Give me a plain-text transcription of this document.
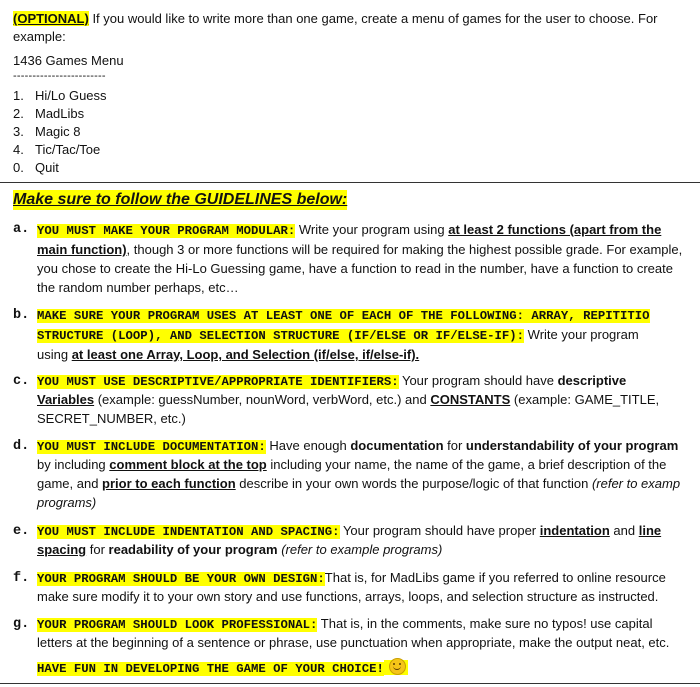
(OPTIONAL) If you would like to write more than one game, create a menu of games for the user to choose. For
example:
1436 Games Menu
------------------------
1. Hi/Lo Guess
2. MadLibs
3. Magic 8
4. Tic/Tac/Toe
0. Quit
Make sure to follow the GUIDELINES below:
a. YOU MUST MAKE YOUR PROGRAM MODULAR: Write your program using at least 2 functions (apart from the
main function), though 3 or more functions will be required for making the highest possible grade. For example,
you chose to create the Hi-Lo Guessing game, have a function to read in the number, have a function to create
the random number perhaps, etc…
b. MAKE SURE YOUR PROGRAM USES AT LEAST ONE OF EACH OF THE FOLLOWING: ARRAY, REPITITIO
STRUCTURE (LOOP), AND SELECTION STRUCTURE (IF/ELSE OR IF/ELSE-IF): Write your program
using at least one Array, Loop, and Selection (if/else, if/else-if).
c. YOU MUST USE DESCRIPTIVE/APPROPRIATE IDENTIFIERS: Your program should have descriptive
Variables (example: guessNumber, nounWord, verbWord, etc.) and CONSTANTS (example: GAME_TITLE,
SECRET_NUMBER, etc.)
d. YOU MUST INCLUDE DOCUMENTATION: Have enough documentation for understandability of your program
by including comment block at the top including your name, the name of the game, a brief description of the
game, and prior to each function describe in your own words the purpose/logic of that function (refer to examp
programs)
e. YOU MUST INCLUDE INDENTATION AND SPACING: Your program should have proper indentation and line
spacing for readability of your program (refer to example programs)
f. YOUR PROGRAM SHOULD BE YOUR OWN DESIGN:That is, for MadLibs game if you referred to online resource
make sure modify it to your own story and use functions, arrays, loops, and selection structure as instructed.
g. YOUR PROGRAM SHOULD LOOK PROFESSIONAL: That is, in the comments, make sure no typos! use capital
letters at the beginning of a sentence or phrase, use punctuation when appropriate, make the output neat, etc.
HAVE FUN IN DEVELOPING THE GAME OF YOUR CHOICE!
